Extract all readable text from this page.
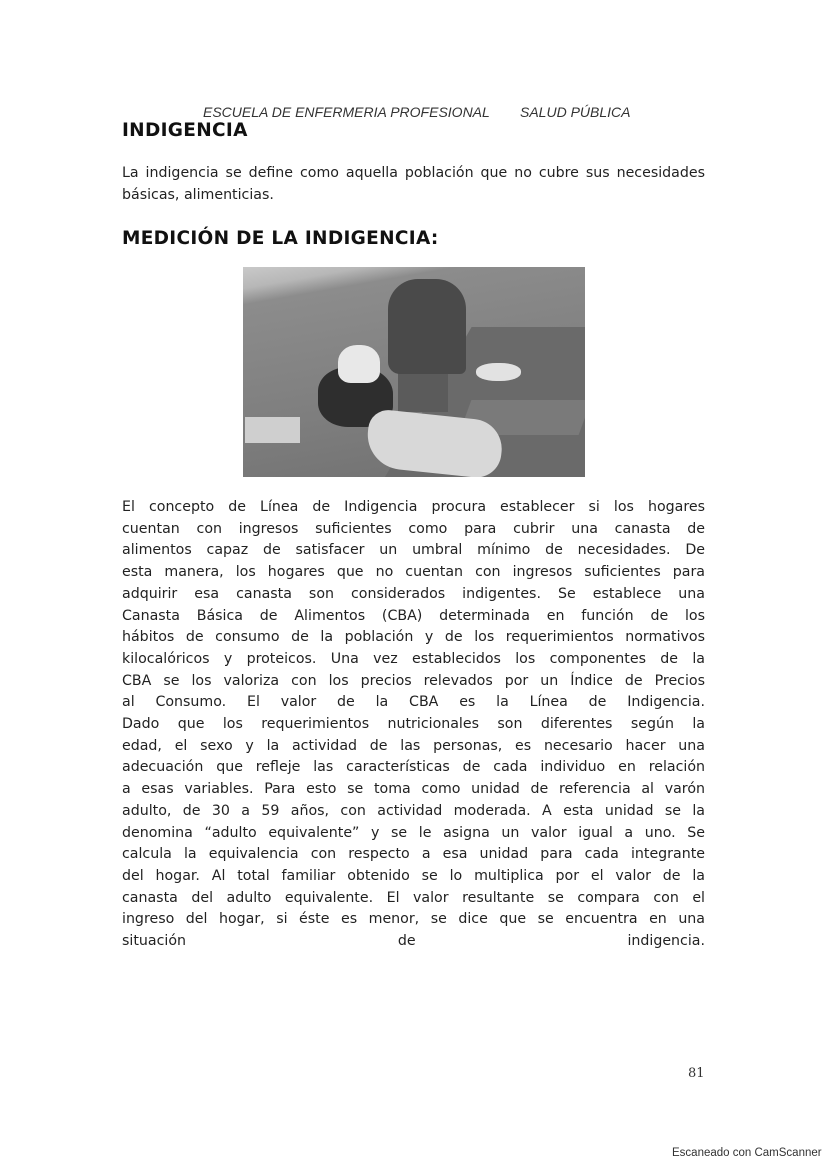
ESCUELA DE ENFERMERIA PROFESIONAL SALUD PÚBLICA
INDIGENCIA

La indigencia se define como aquella población que no cubre sus necesidades básicas, alimenticias.

MEDICIÓN DE LA INDIGENCIA:
El concepto de Línea de Indigencia procura establecer si los hogares
cuentan con ingresos suficientes como para cubrir una canasta de
alimentos capaz de satisfacer un umbral mínimo de necesidades. De
esta manera, los hogares que no cuentan con ingresos suficientes para
adquirir esa canasta son considerados indigentes. Se establece una
Canasta Básica de Alimentos (CBA) determinada en función de los
hábitos de consumo de la población y de los requerimientos normativos
kilocalóricos y proteicos. Una vez establecidos los componentes de la
CBA se los valoriza con los precios relevados por un Índice de Precios
al Consumo. El valor de la CBA es la Línea de Indigencia.
Dado que los requerimientos nutricionales son diferentes según la
edad, el sexo y la actividad de las personas, es necesario hacer una
adecuación que refleje las características de cada individuo en relación
a esas variables. Para esto se toma como unidad de referencia al varón
adulto, de 30 a 59 años, con actividad moderada. A esta unidad se la
denomina “adulto equivalente” y se le asigna un valor igual a uno. Se
calcula la equivalencia con respecto a esa unidad para cada integrante
del hogar. Al total familiar obtenido se lo multiplica por el valor de la
canasta del adulto equivalente. El valor resultante se compara con el
ingreso del hogar, si éste es menor, se dice que se encuentra en una
situación de indigencia.
81
Escaneado con CamScanner
